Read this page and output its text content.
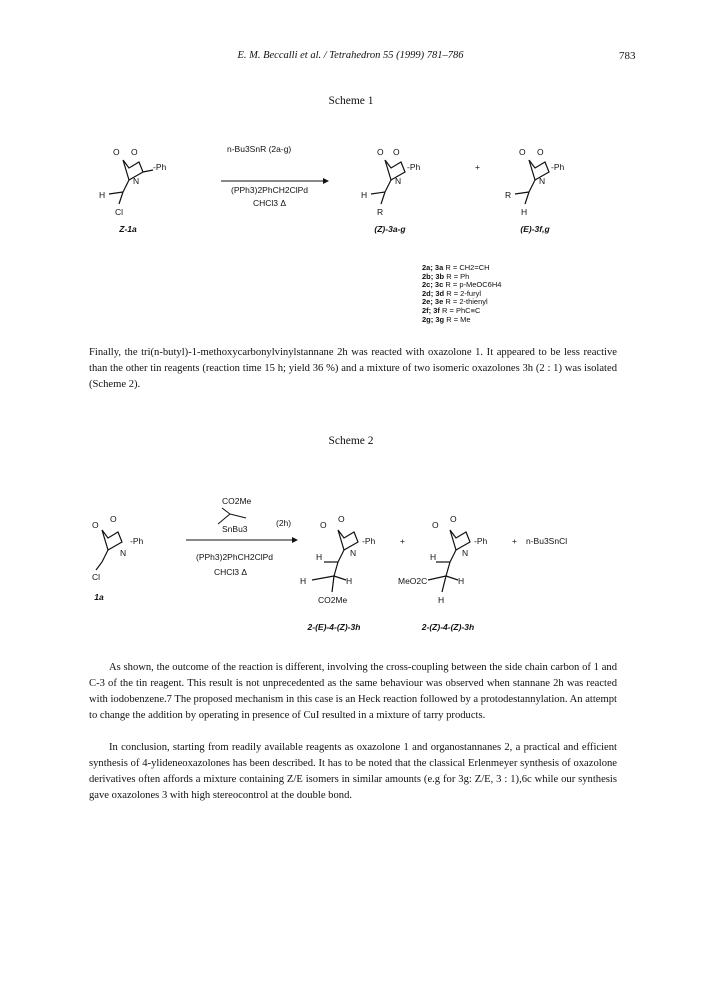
E. M. Beccalli et al. / Tetrahedron 55 (1999) 781–786	783
Scheme 1
O O
N
H
Cl
-Ph
n-Bu3SnR (2a-g)
(PPh3)2PhCH2ClPd
CHCl3 Δ
O O
N
H
R
-Ph	+
O O
N
R
H
-Ph
Z-1a	(Z)-3a-g	(E)-3f,g
2a; 3a R = CH2=CH
2b; 3b R = Ph
2c; 3c R = p-MeOC6H4
2d; 3d R = 2-furyl
2e; 3e R = 2-thienyl
2f; 3f R = PhC≡C
2g; 3g R = Me
Finally, the tri(n-butyl)-1-methoxycarbonylvinylstannane 2h was reacted with oxazolone 1. It appeared to be less reactive than the other tin reagents (reaction time 15 h; yield 36 %) and a mixture of two isomeric oxazolones 3h (2 : 1) was isolated (Scheme 2).
Scheme 2
O
O
N
Cl
-Ph
CO2Me
SnBu3
(2h)
(PPh3)2PhCH2ClPd
CHCl3 Δ
O
O
N
H
H	H
CO2Me
-Ph	+
O
O
N
H
MeO2C	H
H
-Ph	+ n-Bu3SnCl
1a
2-(E)-4-(Z)-3h	2-(Z)-4-(Z)-3h
As shown, the outcome of the reaction is different, involving the cross-coupling between the side chain carbon of 1 and C-3 of the tin reagent. This result is not unprecedented as the same behaviour was observed when stannane 2h was reacted with iodobenzene.7 The proposed mechanism in this case is an Heck reaction followed by a protodestannylation. An attempt to change the addition by operating in presence of CuI resulted in a mixture of tarry products.
In conclusion, starting from readily available reagents as oxazolone 1 and organostannanes 2, a practical and efficient synthesis of 4-ylideneoxazolones has been described. It has to be noted that the classical Erlenmeyer synthesis of oxazolone derivatives often affords a mixture containing Z/E isomers in similar amounts (e.g for 3g: Z/E, 3 : 1),6c while our synthesis gave oxazolones 3 with high stereocontrol at the double bond.
